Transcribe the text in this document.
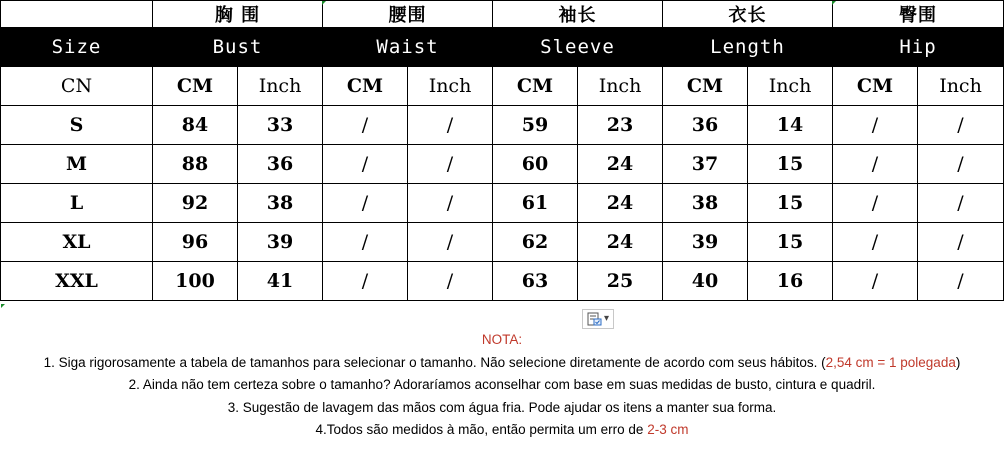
	胸 围		腰围		袖长		衣长		臀围	
Size	Bust		Waist		Sleeve		Length		Hip	
CN	CM	Inch	CM	Inch	CM	Inch	CM	Inch	CM	Inch
S	84	33	/	/	59	23	36	14	/	/
M	88	36	/	/	60	24	37	15	/	/
L	92	38	/	/	61	24	38	15	/	/
XL	96	39	/	/	62	24	39	15	/	/
XXL	100	41	/	/	63	25	40	16	/	/
▾
NOTA:
1. Siga rigorosamente a tabela de tamanhos para selecionar o tamanho. Não selecione diretamente de acordo com seus hábitos. (2,54 cm = 1 polegada)
2. Ainda não tem certeza sobre o tamanho? Adoraríamos aconselhar com base em suas medidas de busto, cintura e quadril.
3. Sugestão de lavagem das mãos com água fria. Pode ajudar os itens a manter sua forma.
4.Todos são medidos à mão, então permita um erro de 2-3 cm
